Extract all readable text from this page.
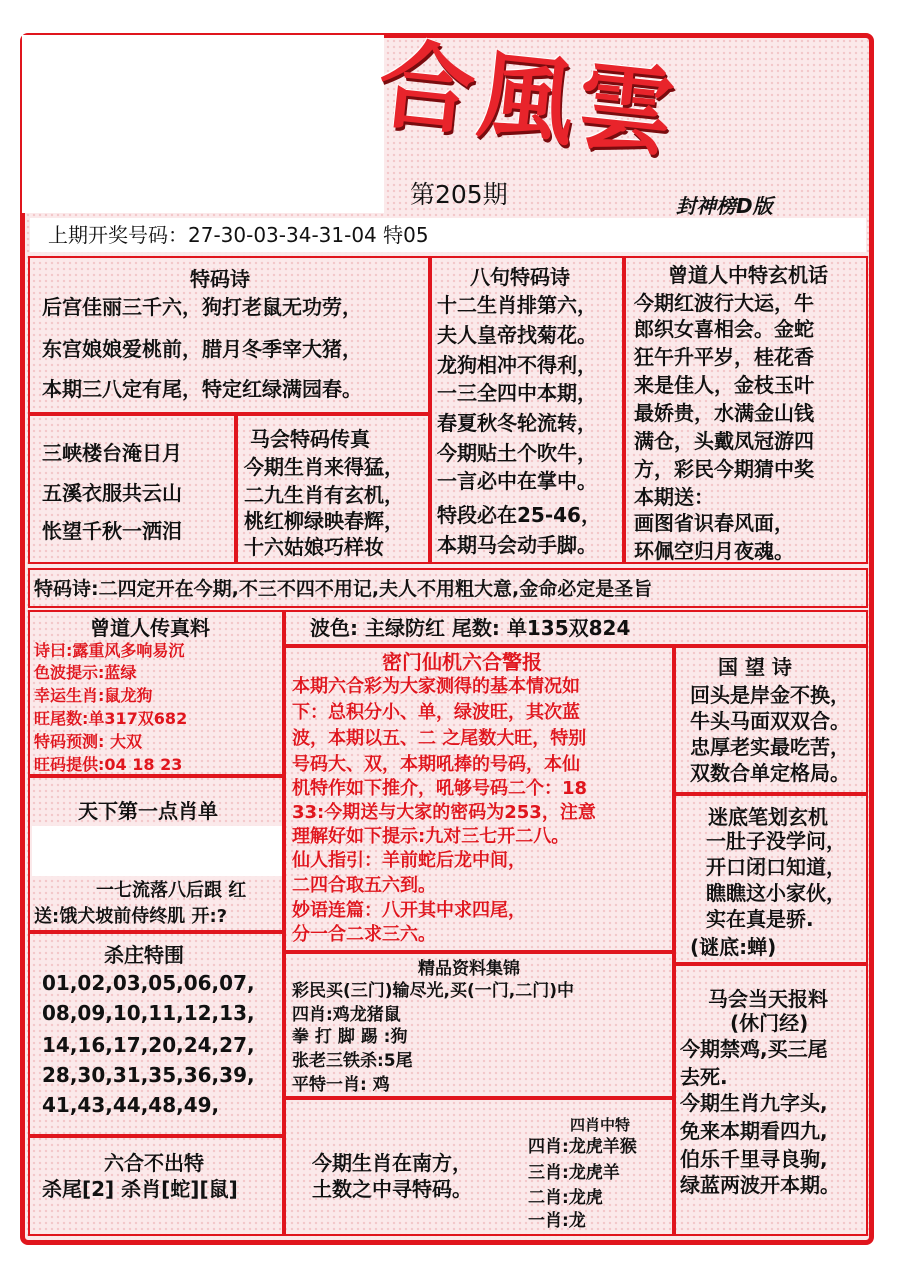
合風雲
第205期	封神榜D版
上期开奖号码：27-30-03-34-31-04 特05
特码诗
后宫佳丽三千六，狗打老鼠无功劳，
东宫娘娘爱桃前，腊月冬季宰大猪，
本期三八定有尾，特定红绿满园春。
三峡楼台淹日月
五溪衣服共云山
怅望千秋一洒泪
马会特码传真
今期生肖来得猛，
二九生肖有玄机，
桃红柳绿映春辉，
十六姑娘巧样妆
八句特码诗
十二生肖排第六，
夫人皇帝找菊花。
龙狗相冲不得利，
一三全四中本期，
春夏秋冬轮流转，
今期贴土个吹牛，
一言必中在掌中。
特段必在25-46，
本期马会动手脚。
曾道人中特玄机话
今期红波行大运，牛
郎织女喜相会。金蛇
狂午升平岁，桂花香
来是佳人，金枝玉叶
最娇贵，水满金山钱
满仓，头戴凤冠游四
方，彩民今期猜中奖
本期送：
画图省识春风面，
环佩空归月夜魂。
特码诗:二四定开在今期,不三不四不用记,夫人不用粗大意,金命必定是圣旨
曾道人传真料
诗曰:露重风多响易沉
色波提示:蓝绿
幸运生肖:鼠龙狗
旺尾数:单317双682
特码预测: 大双
旺码提供:04 18 23
天下第一点肖单
一七流落八后跟 红
送:饿犬坡前侍终肌 开:?
杀庄特围
01,02,03,05,06,07,
08,09,10,11,12,13,
14,16,17,20,24,27,
28,30,31,35,36,39,
41,43,44,48,49,
六合不出特
杀尾[2] 杀肖[蛇][鼠]
波色: 主绿防红 尾数: 单135双824
密门仙机六合警报
本期六合彩为大家测得的基本情况如
下：总积分小、单，绿波旺，其次蓝
波，本期以五、二 之尾数大旺，特别
号码大、双，本期吼捧的号码，本仙
机特作如下推介，吼够号码二个：18
33:今期送与大家的密码为253，注意
理解好如下提示:九对三七开二八。
仙人指引：羊前蛇后龙中间，
二四合取五六到。
妙语连篇：八开其中求四尾，
分一合二求三六。
精品资料集锦
彩民买(三门)输尽光,买(一门,二门)中
四肖:鸡龙猪鼠
拳 打 脚 踢 :狗
张老三铁杀:5尾
平特一肖: 鸡
今期生肖在南方，
土数之中寻特码。
四肖中特
四肖:龙虎羊猴
三肖:龙虎羊
二肖:龙虎
一肖:龙
国 望 诗
回头是岸金不换，
牛头马面双双合。
忠厚老实最吃苦，
双数合单定格局。
迷底笔划玄机
一肚子没学问，
开口闭口知道，
瞧瞧这小家伙，
实在真是骄.
(谜底:蝉)
马会当天报料
(休门经)
今期禁鸡,买三尾
去死.
今期生肖九字头,
免来本期看四九,
伯乐千里寻良驹,
绿蓝两波开本期。
